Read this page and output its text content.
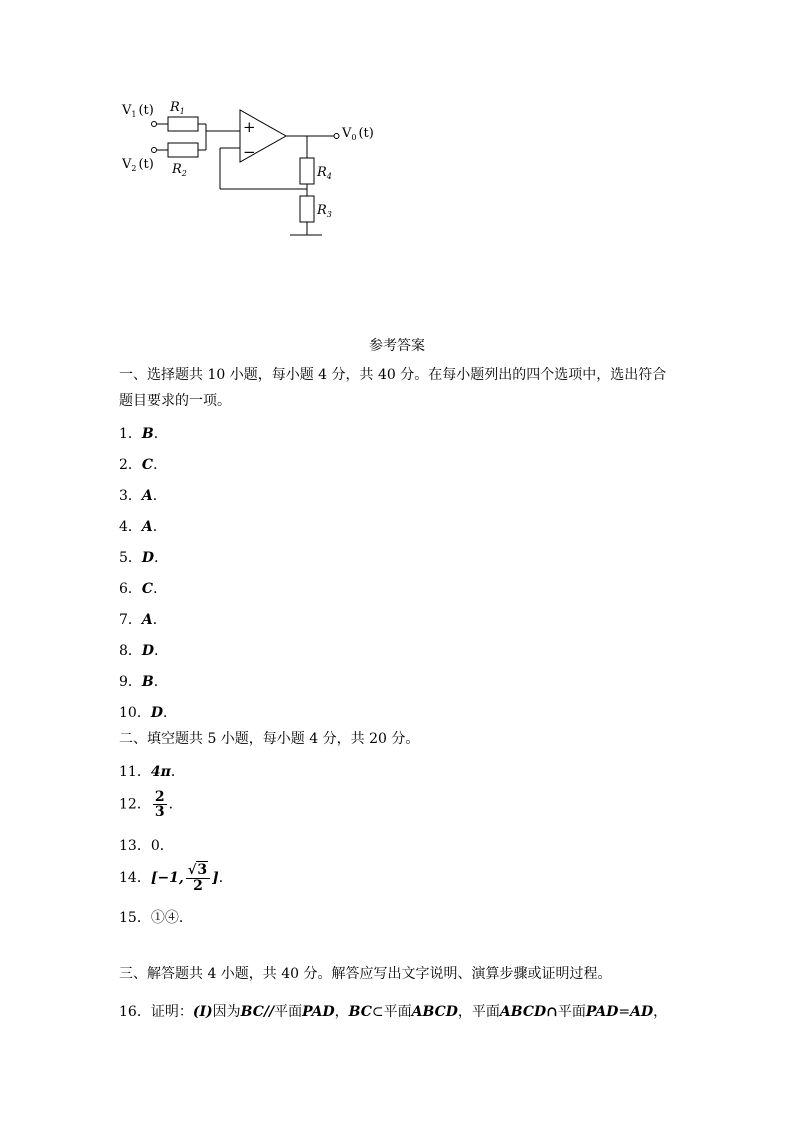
$V_1$ (t)
$V_2$ (t)
$V_0$ (t)
$R_1$
$R_2$	$R_4$
$R_3$
+
−
参考答案
一、选择题共 10 小题，每小题 4 分，共 40 分。在每小题列出的四个选项中，选出符合题目要求的一项。
1．B．
2．C．
3．A．
4．A．
5．D．
6．C．
7．A．
8．D．
9．B．
10．D．
二、填空题共 5 小题，每小题 4 分，共 20 分。
11．4π．
12． $\frac{2}{3}$ ．
13．0．
14．[−1, $\frac{√3}{2}$ ]．
15．①④．
三、解答题共 4 小题，共 40 分。解答应写出文字说明、演算步骤或证明过程。
16．证明：(I)因为BC//平面PAD，BC⊂平面ABCD，平面ABCD∩平面PAD=AD，
